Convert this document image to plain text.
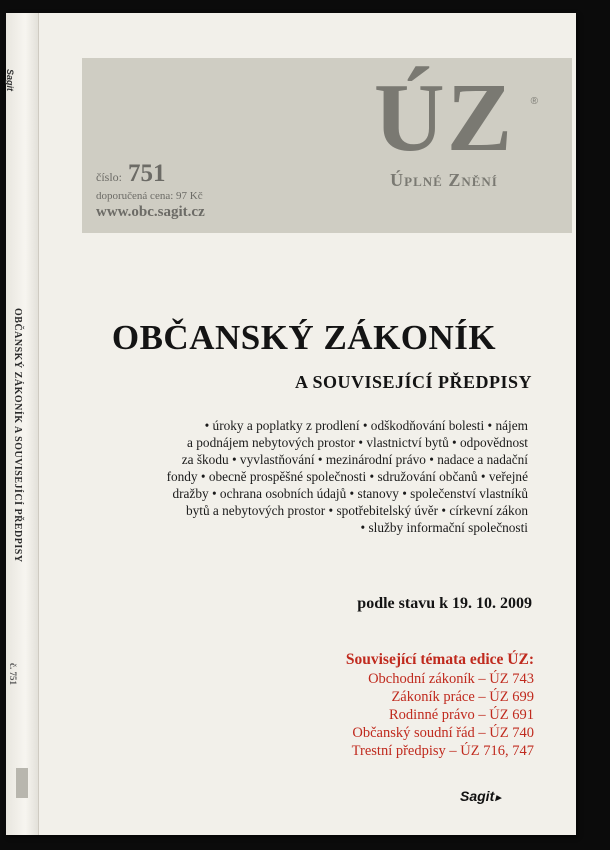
Sagit
OBČANSKÝ ZÁKONÍK A SOUVISEJÍCÍ PŘEDPISY
č. 751
číslo: 751
doporučená cena: 97 Kč
www.obc.sagit.cz
ÚZ	®
Úplné Znění
OBČANSKÝ ZÁKONÍK
A SOUVISEJÍCÍ PŘEDPISY
• úroky a poplatky z prodlení • odškodňování bolesti • nájem
a podnájem nebytových prostor • vlastnictví bytů • odpovědnost
za škodu • vyvlastňování • mezinárodní právo • nadace a nadační
fondy • obecně prospěšné společnosti • sdružování občanů • veřejné
dražby • ochrana osobních údajů • stanovy • společenství vlastníků
bytů a nebytových prostor • spotřebitelský úvěr • církevní zákon
• služby informační společnosti
podle stavu k 19. 10. 2009
Související témata edice ÚZ:
Obchodní zákoník – ÚZ 743
Zákoník práce – ÚZ 699
Rodinné právo – ÚZ 691
Občanský soudní řád – ÚZ 740
Trestní předpisy – ÚZ 716, 747
Sagit▸
